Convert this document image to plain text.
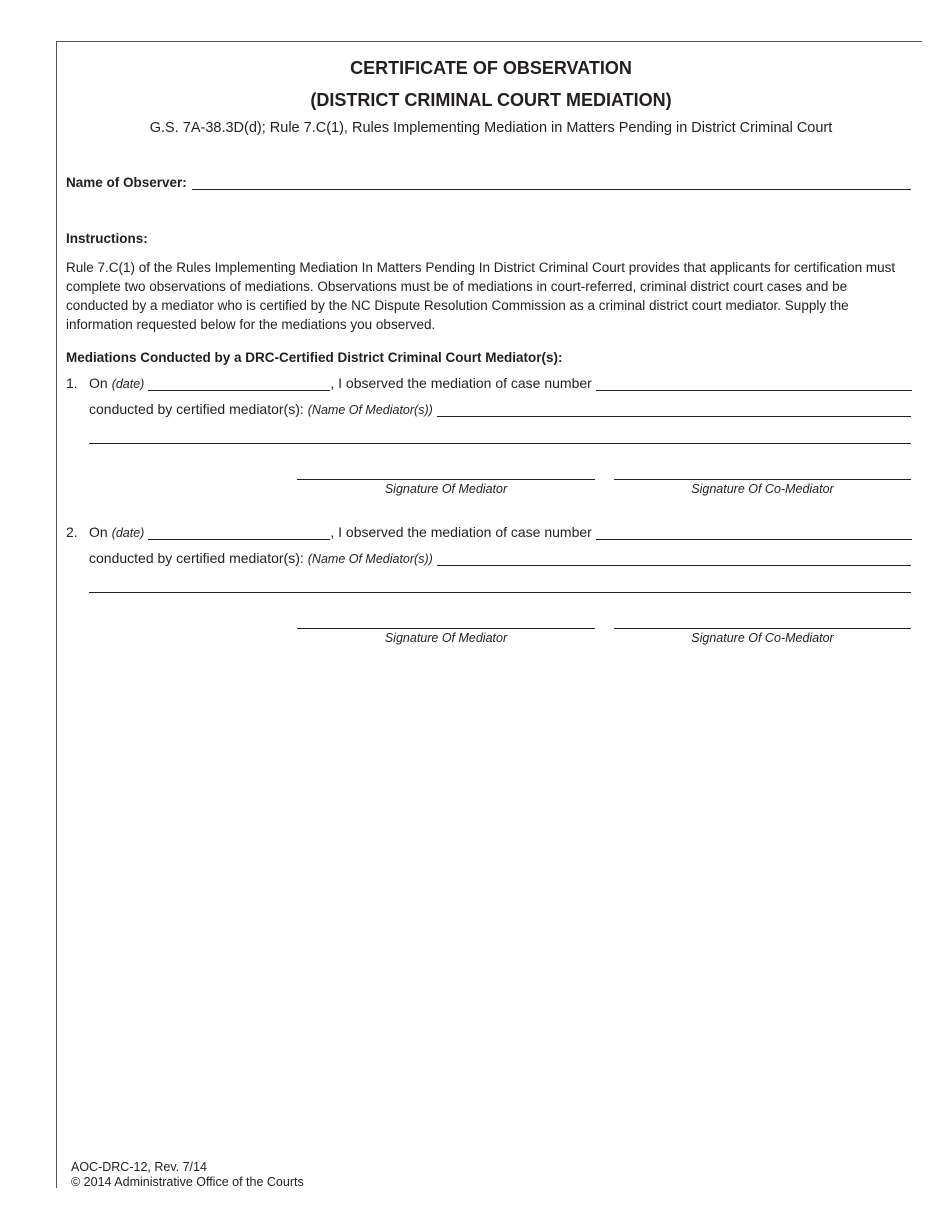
CERTIFICATE OF OBSERVATION
(DISTRICT CRIMINAL COURT MEDIATION)
G.S. 7A-38.3D(d); Rule 7.C(1), Rules Implementing Mediation in Matters Pending in District Criminal Court
Name of Observer:
Instructions:
Rule 7.C(1) of the Rules Implementing Mediation In Matters Pending In District Criminal Court provides that applicants for certification must complete two observations of mediations. Observations must be of mediations in court-referred, criminal district court cases and be conducted by a mediator who is certified by the NC Dispute Resolution Commission as a criminal district court mediator. Supply the information requested below for the mediations you observed.
Mediations Conducted by a DRC-Certified District Criminal Court Mediator(s):
1. On (date)	, I observed the mediation of case number
conducted by certified mediator(s): (Name Of Mediator(s))
Signature Of Mediator	Signature Of Co-Mediator
2. On (date)	, I observed the mediation of case number
conducted by certified mediator(s): (Name Of Mediator(s))
Signature Of Mediator	Signature Of Co-Mediator
AOC-DRC-12, Rev. 7/14
© 2014 Administrative Office of the Courts
